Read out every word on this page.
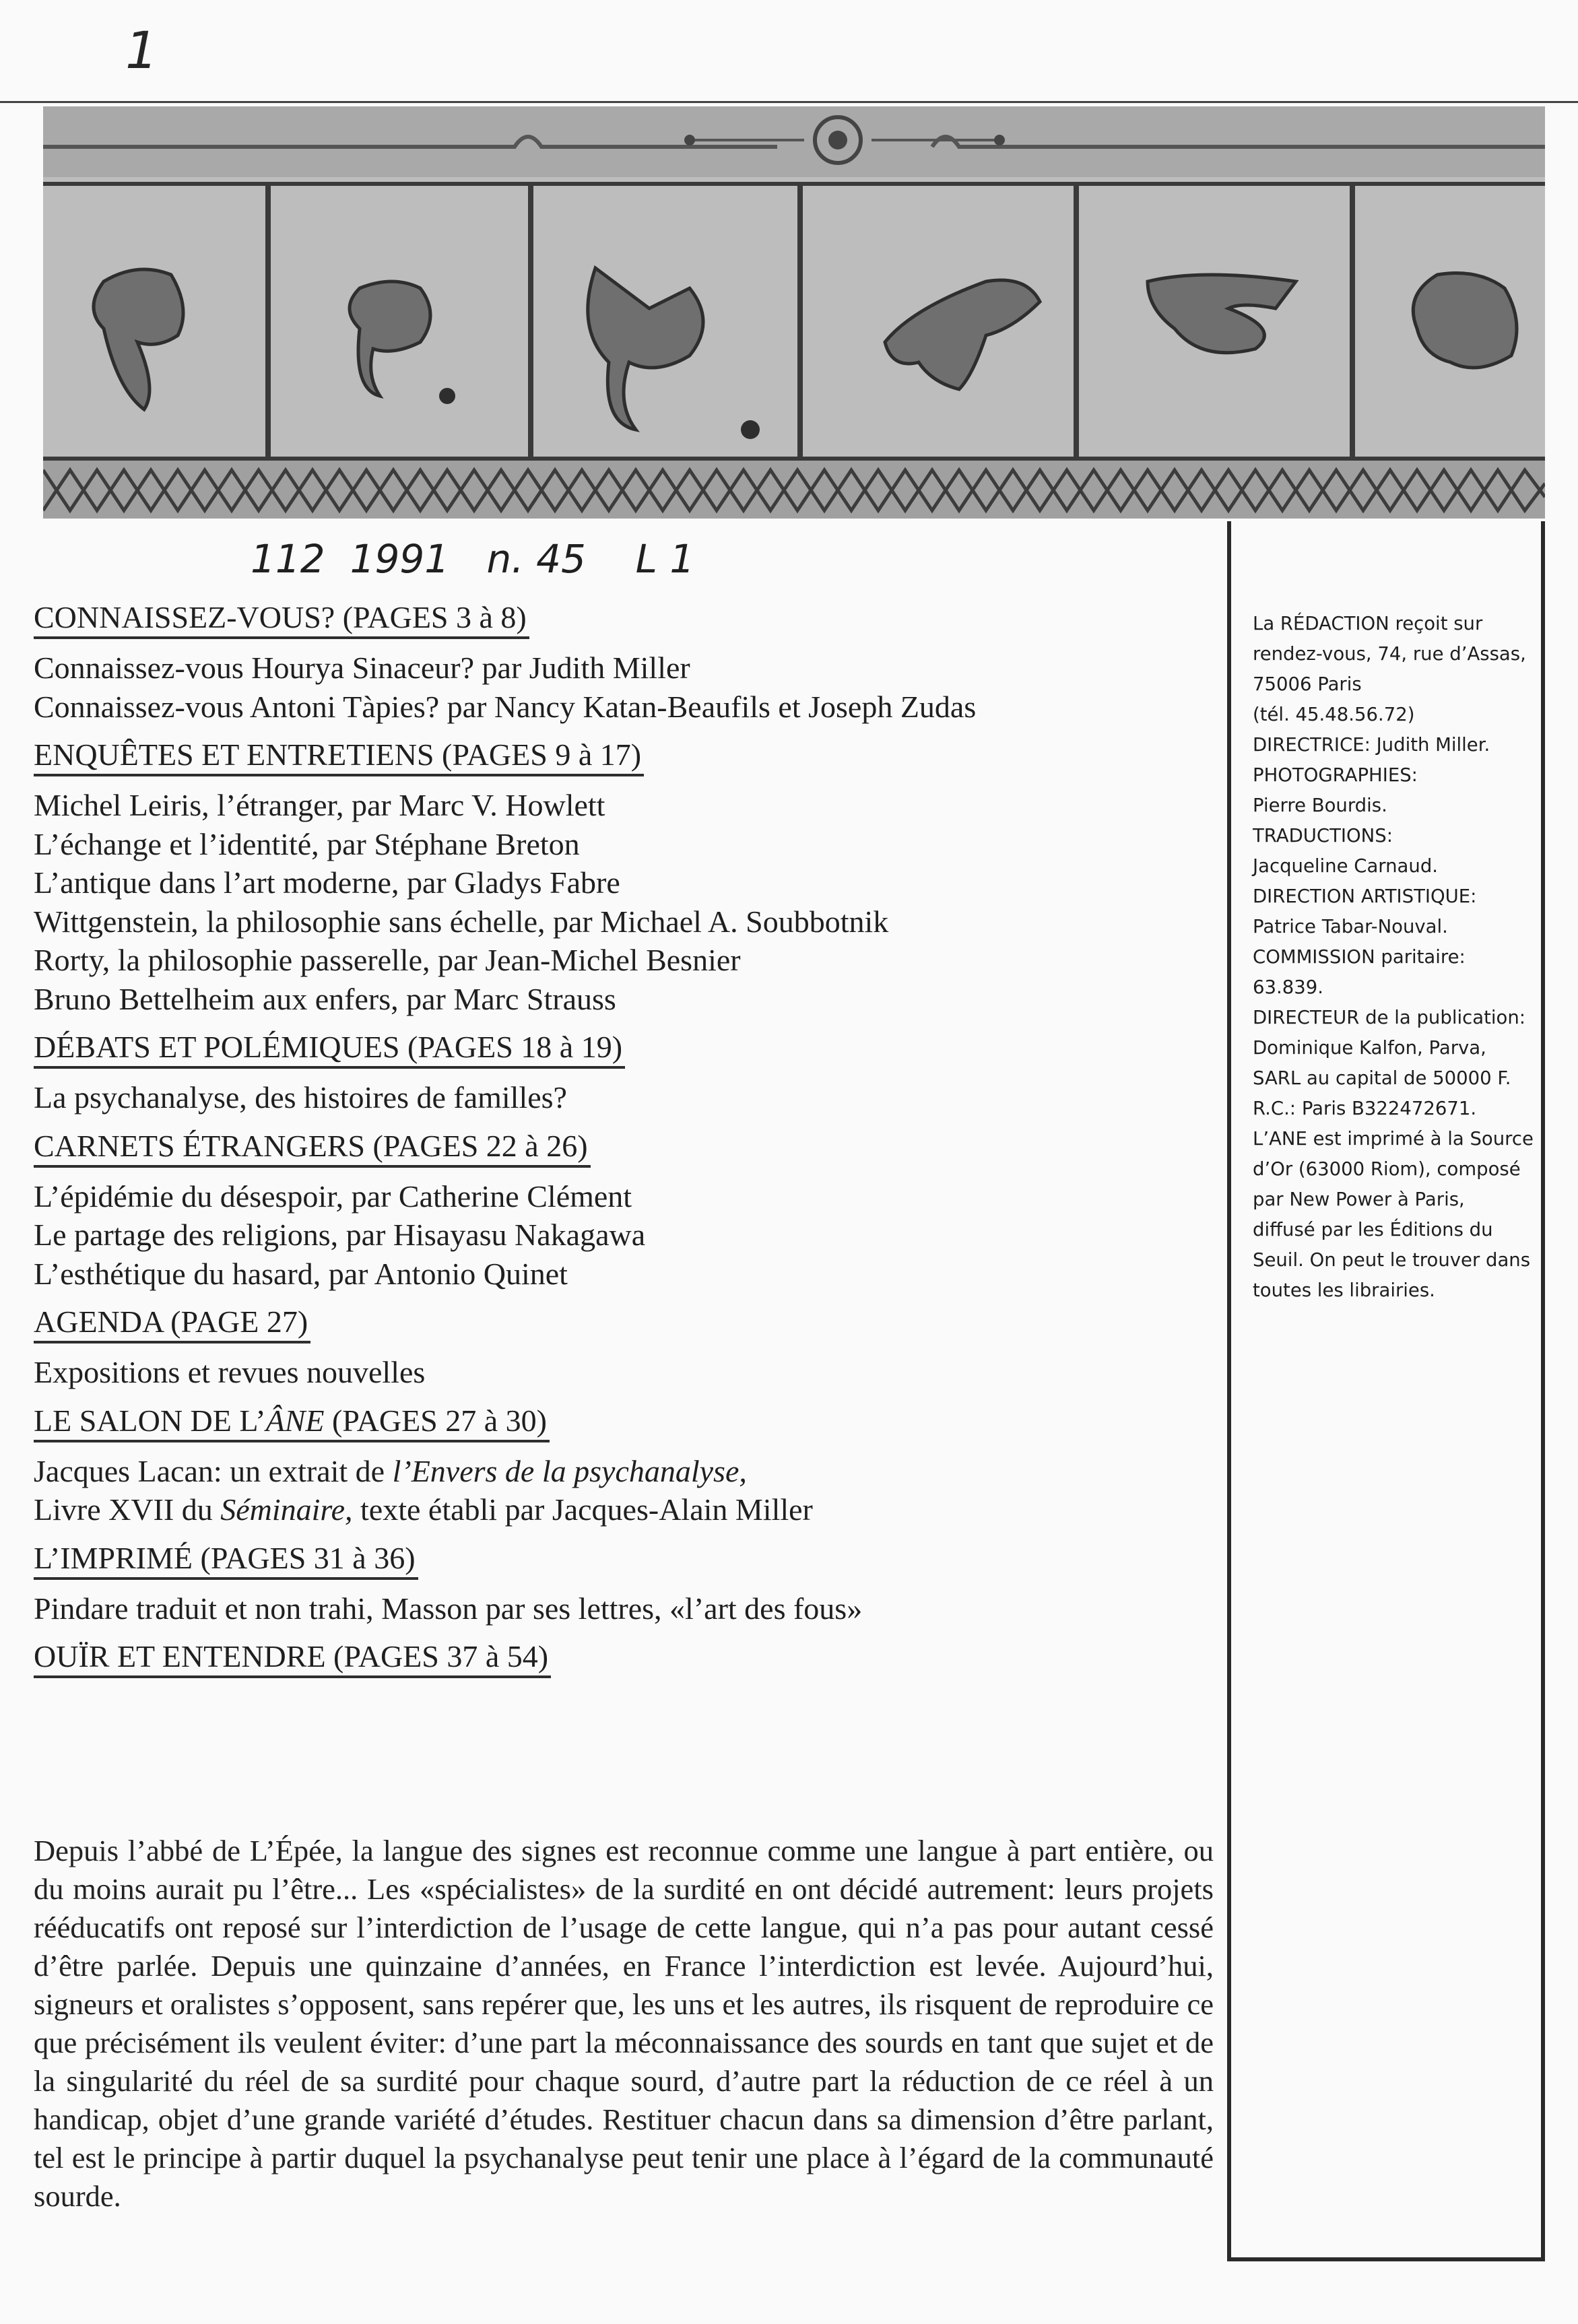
1
112  1991   n. 45    L 1
CONNAISSEZ-VOUS? (PAGES 3 à 8)
Connaissez-vous Hourya Sinaceur? par Judith Miller
Connaissez-vous Antoni Tàpies? par Nancy Katan-Beaufils et Joseph Zudas
ENQUÊTES ET ENTRETIENS (PAGES 9 à 17)
Michel Leiris, l’étranger, par Marc V. Howlett
L’échange et l’identité, par Stéphane Breton
L’antique dans l’art moderne, par Gladys Fabre
Wittgenstein, la philosophie sans échelle, par Michael A. Soubbotnik
Rorty, la philosophie passerelle, par Jean-Michel Besnier
Bruno Bettelheim aux enfers, par Marc Strauss
DÉBATS ET POLÉMIQUES (PAGES 18 à 19)
La psychanalyse, des histoires de familles?
CARNETS ÉTRANGERS (PAGES 22 à 26)
L’épidémie du désespoir, par Catherine Clément
Le partage des religions, par Hisayasu Nakagawa
L’esthétique du hasard, par Antonio Quinet
AGENDA (PAGE 27)
Expositions et revues nouvelles
LE SALON DE L’ÂNE (PAGES 27 à 30)
Jacques Lacan: un extrait de l’Envers de la psychanalyse,
Livre XVII du Séminaire, texte établi par Jacques-Alain Miller
L’IMPRIMÉ (PAGES 31 à 36)
Pindare traduit et non trahi, Masson par ses lettres, «l’art des fous»
OUÏR ET ENTENDRE (PAGES 37 à 54)
Depuis l’abbé de L’Épée, la langue des signes est reconnue comme une langue à part entière, ou du moins aurait pu l’être... Les «spécialistes» de la surdité en ont décidé autrement: leurs projets rééducatifs ont reposé sur l’interdiction de l’usage de cette langue, qui n’a pas pour autant cessé d’être parlée. Depuis une quinzaine d’années, en France l’interdiction est levée. Aujourd’hui, signeurs et oralistes s’opposent, sans repérer que, les uns et les autres, ils risquent de reproduire ce que précisément ils veulent éviter: d’une part la méconnaissance des sourds en tant que sujet et de la singularité du réel de sa surdité pour chaque sourd, d’autre part la réduction de ce réel à un handicap, objet d’une grande variété d’études. Restituer chacun dans sa dimension d’être parlant, tel est le principe à partir duquel la psychanalyse peut tenir une place à l’égard de la communauté sourde.
La RÉDACTION reçoit sur
rendez-vous, 74, rue d’Assas,
75006 Paris
(tél. 45.48.56.72)
DIRECTRICE: Judith Miller.
PHOTOGRAPHIES:
Pierre Bourdis.
TRADUCTIONS:
Jacqueline Carnaud.
DIRECTION ARTISTIQUE:
Patrice Tabar-Nouval.
COMMISSION paritaire:
63.839.
DIRECTEUR de la publication:
Dominique Kalfon, Parva,
SARL au capital de 50000 F.
R.C.: Paris B322472671.
L’ANE est imprimé à la Source
d’Or (63000 Riom), composé
par New Power à Paris,
diffusé par les Éditions du
Seuil. On peut le trouver dans
toutes les librairies.
